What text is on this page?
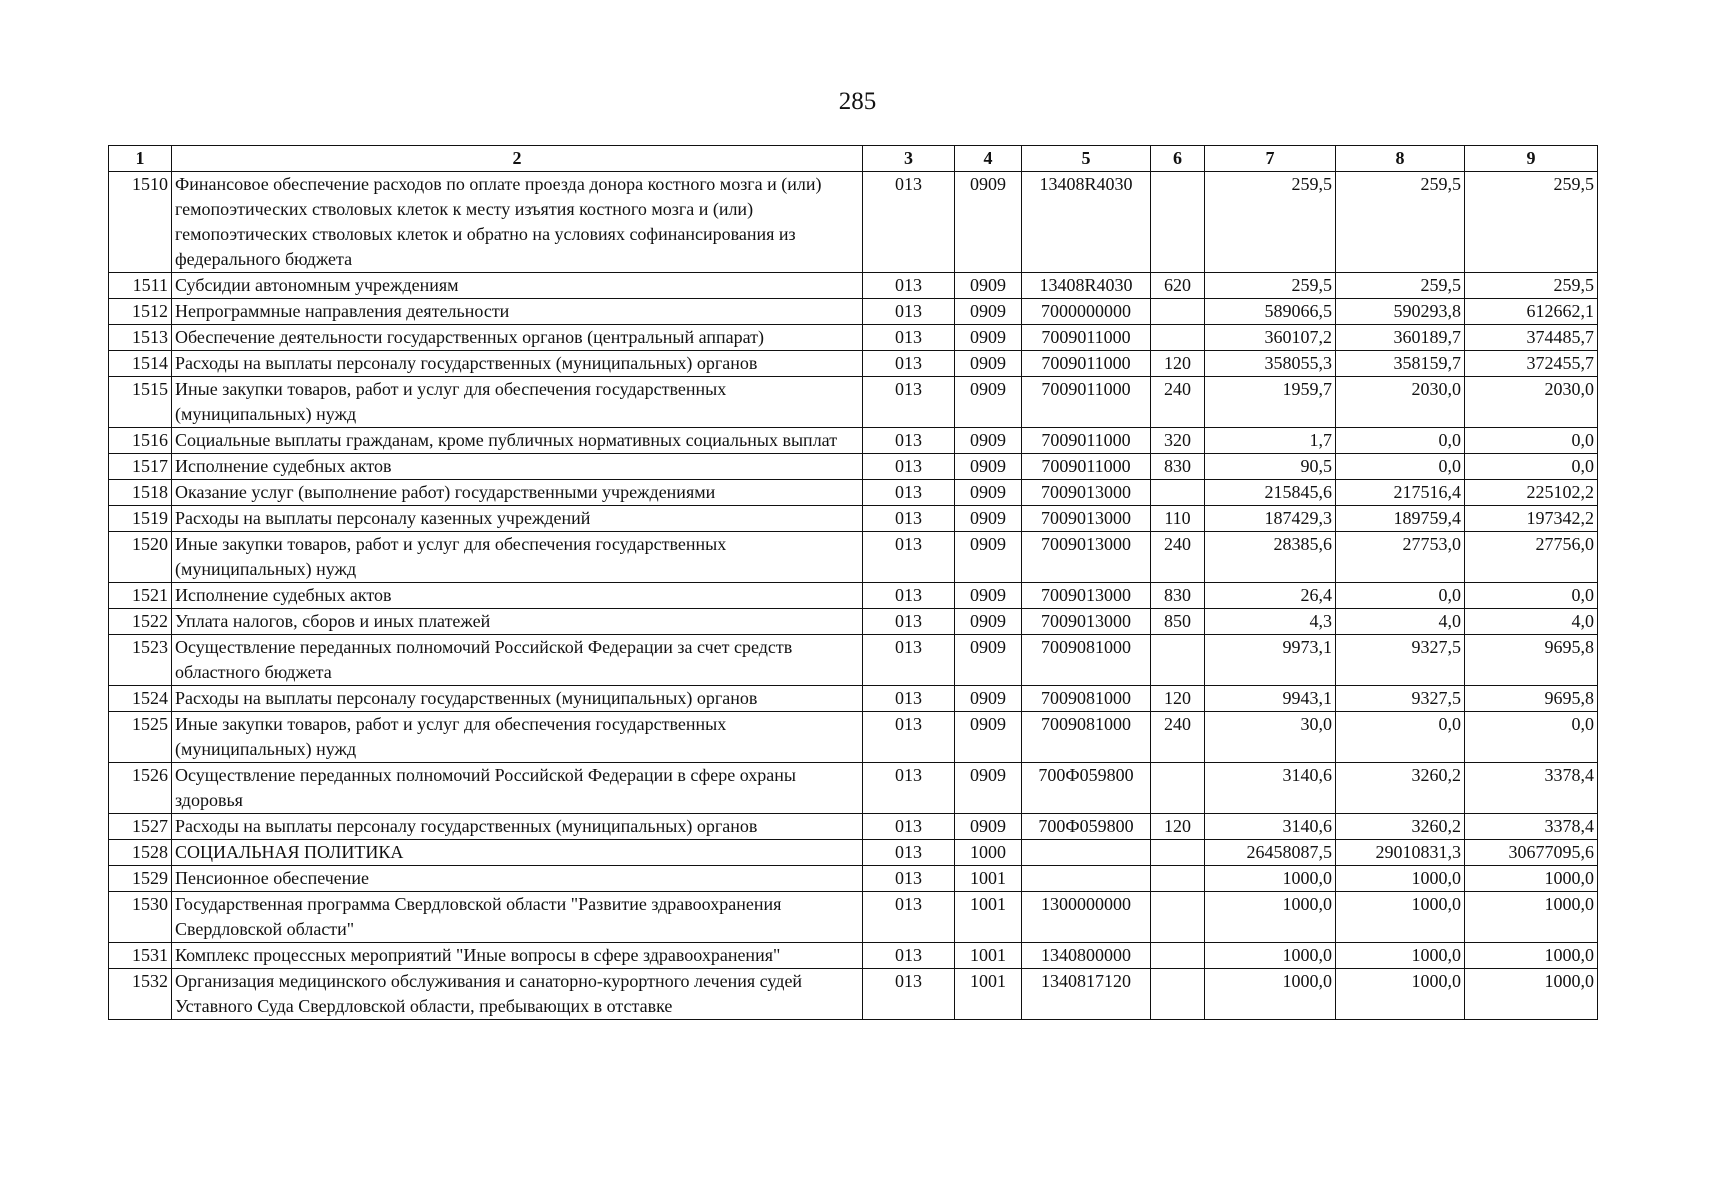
285
1	2	3	4	5	6	7	8	9
1510	Финансовое обеспечение расходов по оплате проезда донора костного мозга и (или) гемопоэтических стволовых клеток к месту изъятия костного мозга и (или) гемопоэтических стволовых клеток и обратно на условиях софинансирования из федерального бюджета	013	0909	13408R4030		259,5	259,5	259,5
1511	Субсидии автономным учреждениям	013	0909	13408R4030	620	259,5	259,5	259,5
1512	Непрограммные направления деятельности	013	0909	7000000000		589066,5	590293,8	612662,1
1513	Обеспечение деятельности государственных органов (центральный аппарат)	013	0909	7009011000		360107,2	360189,7	374485,7
1514	Расходы на выплаты персоналу государственных (муниципальных) органов	013	0909	7009011000	120	358055,3	358159,7	372455,7
1515	Иные закупки товаров, работ и услуг для обеспечения государственных (муниципальных) нужд	013	0909	7009011000	240	1959,7	2030,0	2030,0
1516	Социальные выплаты гражданам, кроме публичных нормативных социальных выплат	013	0909	7009011000	320	1,7	0,0	0,0
1517	Исполнение судебных актов	013	0909	7009011000	830	90,5	0,0	0,0
1518	Оказание услуг (выполнение работ) государственными учреждениями	013	0909	7009013000		215845,6	217516,4	225102,2
1519	Расходы на выплаты персоналу казенных учреждений	013	0909	7009013000	110	187429,3	189759,4	197342,2
1520	Иные закупки товаров, работ и услуг для обеспечения государственных (муниципальных) нужд	013	0909	7009013000	240	28385,6	27753,0	27756,0
1521	Исполнение судебных актов	013	0909	7009013000	830	26,4	0,0	0,0
1522	Уплата налогов, сборов и иных платежей	013	0909	7009013000	850	4,3	4,0	4,0
1523	Осуществление переданных полномочий Российской Федерации за счет средств областного бюджета	013	0909	7009081000		9973,1	9327,5	9695,8
1524	Расходы на выплаты персоналу государственных (муниципальных) органов	013	0909	7009081000	120	9943,1	9327,5	9695,8
1525	Иные закупки товаров, работ и услуг для обеспечения государственных (муниципальных) нужд	013	0909	7009081000	240	30,0	0,0	0,0
1526	Осуществление переданных полномочий Российской Федерации в сфере охраны здоровья	013	0909	700Ф059800		3140,6	3260,2	3378,4
1527	Расходы на выплаты персоналу государственных (муниципальных) органов	013	0909	700Ф059800	120	3140,6	3260,2	3378,4
1528	СОЦИАЛЬНАЯ ПОЛИТИКА	013	1000			26458087,5	29010831,3	30677095,6
1529	Пенсионное обеспечение	013	1001			1000,0	1000,0	1000,0
1530	Государственная программа Свердловской области "Развитие здравоохранения Свердловской области"	013	1001	1300000000		1000,0	1000,0	1000,0
1531	Комплекс процессных мероприятий "Иные вопросы в сфере здравоохранения"	013	1001	1340800000		1000,0	1000,0	1000,0
1532	Организация медицинского обслуживания и санаторно-курортного лечения судей Уставного Суда Свердловской области, пребывающих в отставке	013	1001	1340817120		1000,0	1000,0	1000,0
